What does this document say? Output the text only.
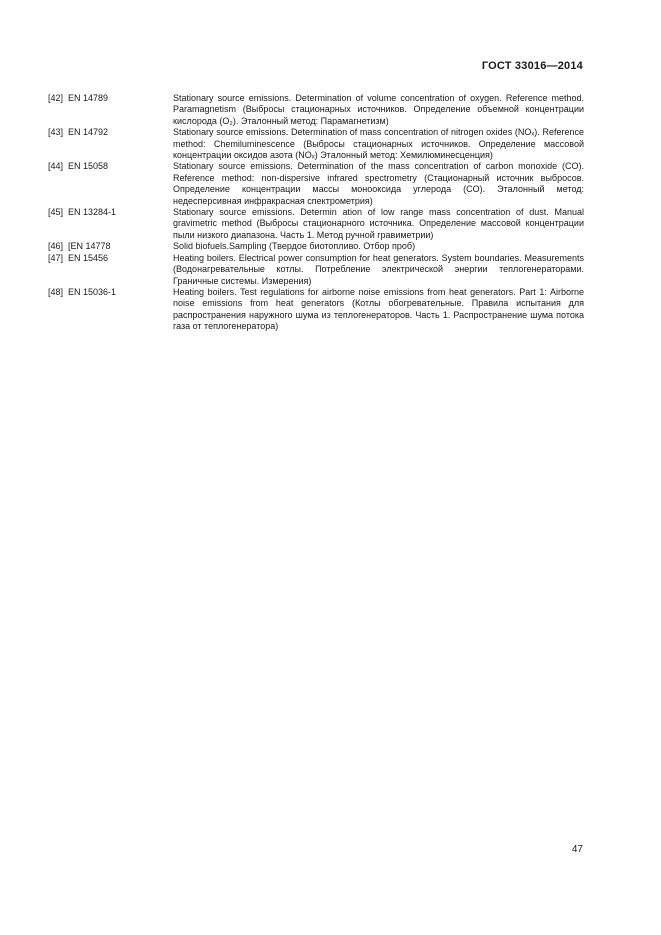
ГОСТ 33016—2014
[42] EN 14789	Stationary source emissions. Determination of volume concentration of oxygen. Reference method. Paramagnetism (Выбросы стационарных источников. Определение объемной концентрации кислорода (O₂). Эталонный метод: Парамагнетизм)
[43] EN 14792	Stationary source emissions. Determination of mass concentration of nitrogen oxides (NOₓ). Reference method: Chemiluminescence (Выбросы стационарных источников. Определение массовой концентрации оксидов азота (NOₓ) Эталонный метод: Хемилюминесценция)
[44] EN 15058	Stationary source emissions. Determination of the mass concentration of carbon monoxide (CO). Reference method: non-dispersive infrared spectrometry (Стационарный источник выбросов. Определение концентрации массы монооксида углерода (CO). Эталонный метод: недесперсивная инфракрасная спектрометрия)
[45] EN 13284-1	Stationary source emissions. Determin ation of low range mass concentration of dust. Manual gravimetric method (Выбросы стационарного источника. Определение массовой концентрации пыли низкого диапазона. Часть 1. Метод ручной гравиметрии)
[46] [EN 14778	Solid biofuels.Sampling (Твердое биотопливо. Отбор проб)
[47] EN 15456	Heating boilers. Electrical power consumption for heat generators. System boundaries. Measurements (Водонагревательные котлы. Потребление электрической энергии теплогенераторами. Граничные системы. Измерения)
[48] EN 15036-1	Heating boilers. Test regulations for airborne noise emissions from heat generators. Part 1: Airborne noise emissions from heat generators (Котлы обогревательные. Правила испытания для распространения наружного шума из теплогенераторов. Часть 1. Распространение шума потока газа от теплогенератора)
47
